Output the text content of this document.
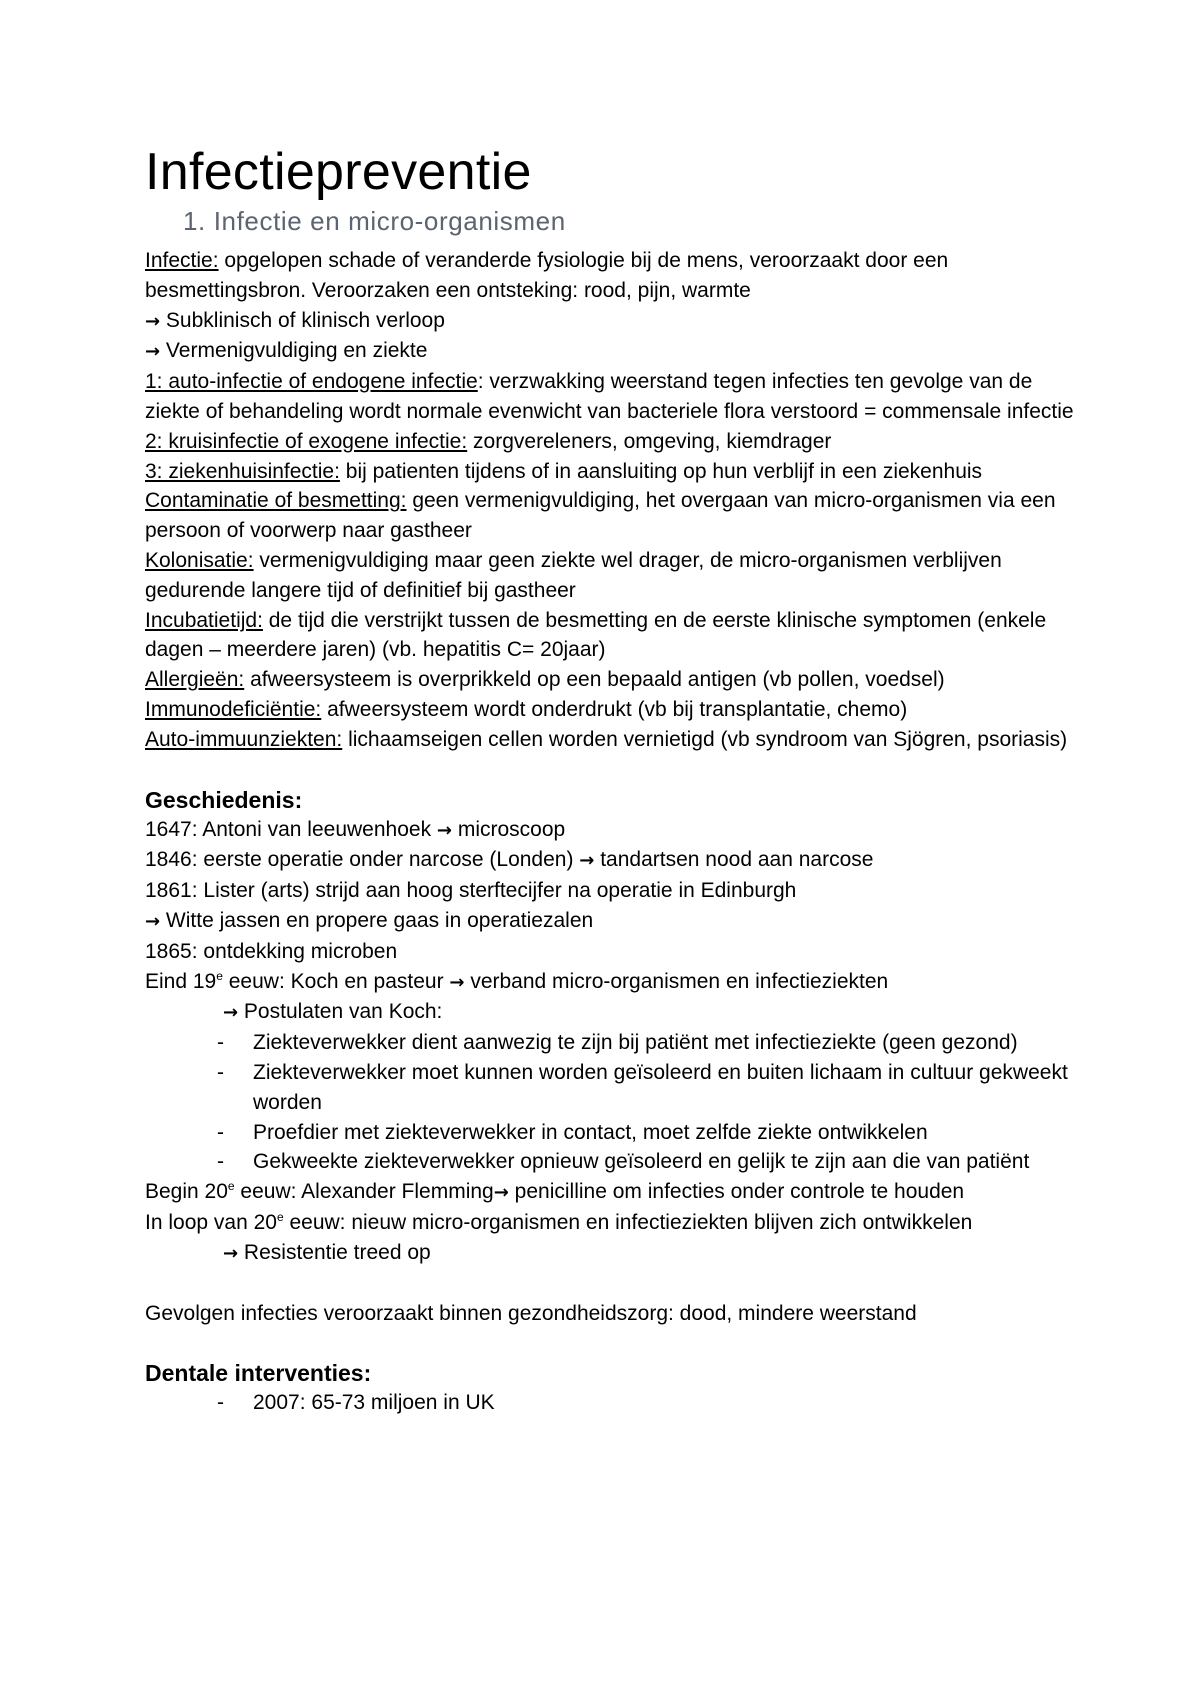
Infectiepreventie
1. Infectie en micro-organismen

Infectie: opgelopen schade of veranderde fysiologie bij de mens, veroorzaakt door een besmettingsbron. Veroorzaken een ontsteking: rood, pijn, warmte

→ Subklinisch of klinisch verloop

→ Vermenigvuldiging en ziekte

1: auto-infectie of endogene infectie: verzwakking weerstand tegen infecties ten gevolge van de ziekte of behandeling wordt normale evenwicht van bacteriele flora verstoord = commensale infectie

2: kruisinfectie of exogene infectie: zorgvereleners, omgeving, kiemdrager

3: ziekenhuisinfectie: bij patienten tijdens of in aansluiting op hun verblijf in een ziekenhuis

Contaminatie of besmetting: geen vermenigvuldiging, het overgaan van micro-organismen via een persoon of voorwerp naar gastheer

Kolonisatie: vermenigvuldiging maar geen ziekte wel drager, de micro-organismen verblijven gedurende langere tijd of definitief bij gastheer

Incubatietijd: de tijd die verstrijkt tussen de besmetting en de eerste klinische symptomen (enkele dagen – meerdere jaren) (vb. hepatitis C= 20jaar)

Allergieën: afweersysteem is overprikkeld op een bepaald antigen (vb pollen, voedsel)

Immunodeficiëntie: afweersysteem wordt onderdrukt (vb bij transplantatie, chemo)

Auto-immuunziekten: lichaamseigen cellen worden vernietigd (vb syndroom van Sjögren, psoriasis)

Geschiedenis:

1647: Antoni van leeuwenhoek → microscoop

1846: eerste operatie onder narcose (Londen) → tandartsen nood aan narcose

1861: Lister (arts) strijd aan hoog sterftecijfer na operatie in Edinburgh

→ Witte jassen en propere gaas in operatiezalen

1865: ontdekking microben

Eind 19e eeuw: Koch en pasteur → verband micro-organismen en infectieziekten

→ Postulaten van Koch:

- Ziekteverwekker dient aanwezig te zijn bij patiënt met infectieziekte (geen gezond)
- Ziekteverwekker moet kunnen worden geïsoleerd en buiten lichaam in cultuur gekweekt worden
- Proefdier met ziekteverwekker in contact, moet zelfde ziekte ontwikkelen
- Gekweekte ziekteverwekker opnieuw geïsoleerd en gelijk te zijn aan die van patiënt

Begin 20e eeuw: Alexander Flemming→ penicilline om infecties onder controle te houden

In loop van 20e eeuw: nieuw micro-organismen en infectieziekten blijven zich ontwikkelen

→ Resistentie treed op

Gevolgen infecties veroorzaakt binnen gezondheidszorg: dood, mindere weerstand

Dentale interventies:
- 2007: 65-73 miljoen in UK
